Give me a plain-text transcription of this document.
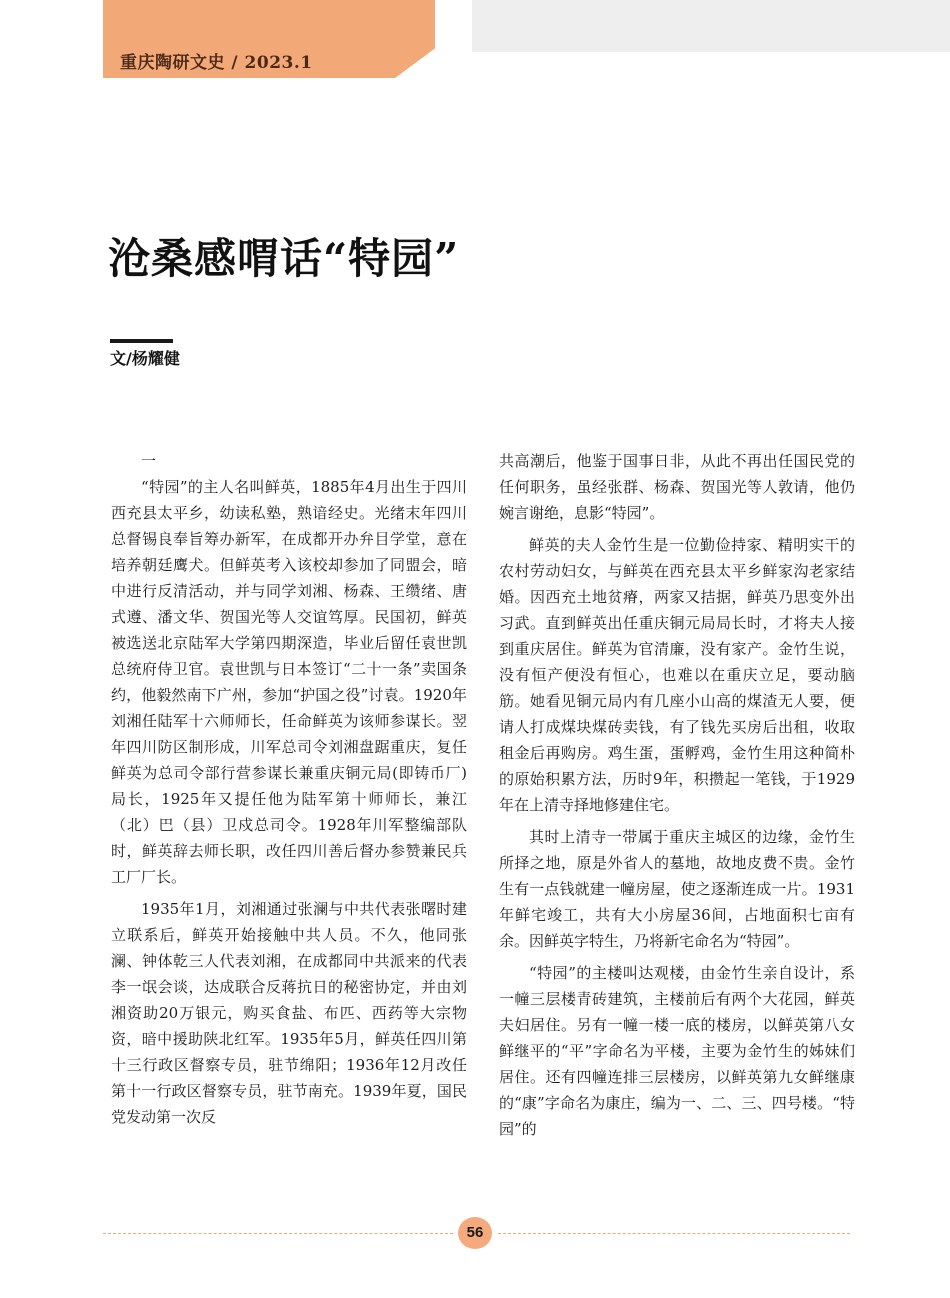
重庆陶研文史 / 2023.1
沧桑感喟话“特园”
文/杨耀健

一

“特园”的主人名叫鲜英，1885年4月出生于四川西充县太平乡，幼读私塾，熟谙经史。光绪末年四川总督锡良奉旨筹办新军，在成都开办弁目学堂，意在培养朝廷鹰犬。但鲜英考入该校却参加了同盟会，暗中进行反清活动，并与同学刘湘、杨森、王缵绪、唐式遵、潘文华、贺国光等人交谊笃厚。民国初，鲜英被选送北京陆军大学第四期深造，毕业后留任袁世凯总统府侍卫官。袁世凯与日本签订“二十一条”卖国条约，他毅然南下广州，参加“护国之役”讨袁。1920年刘湘任陆军十六师师长，任命鲜英为该师参谋长。翌年四川防区制形成，川军总司令刘湘盘踞重庆，复任鲜英为总司令部行营参谋长兼重庆铜元局(即铸币厂)局长，1925年又提任他为陆军第十师师长，兼江（北）巴（县）卫戍总司令。1928年川军整编部队时，鲜英辞去师长职，改任四川善后督办参赞兼民兵工厂厂长。

1935年1月，刘湘通过张澜与中共代表张曙时建立联系后，鲜英开始接触中共人员。不久，他同张澜、钟体乾三人代表刘湘，在成都同中共派来的代表李一氓会谈，达成联合反蒋抗日的秘密协定，并由刘湘资助20万银元，购买食盐、布匹、西药等大宗物资，暗中援助陕北红军。1935年5月，鲜英任四川第十三行政区督察专员，驻节绵阳；1936年12月改任第十一行政区督察专员，驻节南充。1939年夏，国民党发动第一次反

共高潮后，他鉴于国事日非，从此不再出任国民党的任何职务，虽经张群、杨森、贺国光等人敦请，他仍婉言谢绝，息影“特园”。

鲜英的夫人金竹生是一位勤俭持家、精明实干的农村劳动妇女，与鲜英在西充县太平乡鲜家沟老家结婚。因西充土地贫瘠，两家又拮据，鲜英乃思变外出习武。直到鲜英出任重庆铜元局局长时，才将夫人接到重庆居住。鲜英为官清廉，没有家产。金竹生说，没有恒产便没有恒心，也难以在重庆立足，要动脑筋。她看见铜元局内有几座小山高的煤渣无人要，便请人打成煤块煤砖卖钱，有了钱先买房后出租，收取租金后再购房。鸡生蛋，蛋孵鸡，金竹生用这种简朴的原始积累方法，历时9年，积攒起一笔钱，于1929年在上清寺择地修建住宅。

其时上清寺一带属于重庆主城区的边缘，金竹生所择之地，原是外省人的墓地，故地皮费不贵。金竹生有一点钱就建一幢房屋，使之逐渐连成一片。1931年鲜宅竣工，共有大小房屋36间，占地面积七亩有余。因鲜英字特生，乃将新宅命名为“特园”。

“特园”的主楼叫达观楼，由金竹生亲自设计，系一幢三层楼青砖建筑，主楼前后有两个大花园，鲜英夫妇居住。另有一幢一楼一底的楼房，以鲜英第八女鲜继平的“平”字命名为平楼，主要为金竹生的姊妹们居住。还有四幢连排三层楼房，以鲜英第九女鲜继康的“康”字命名为康庄，编为一、二、三、四号楼。“特园”的

56
